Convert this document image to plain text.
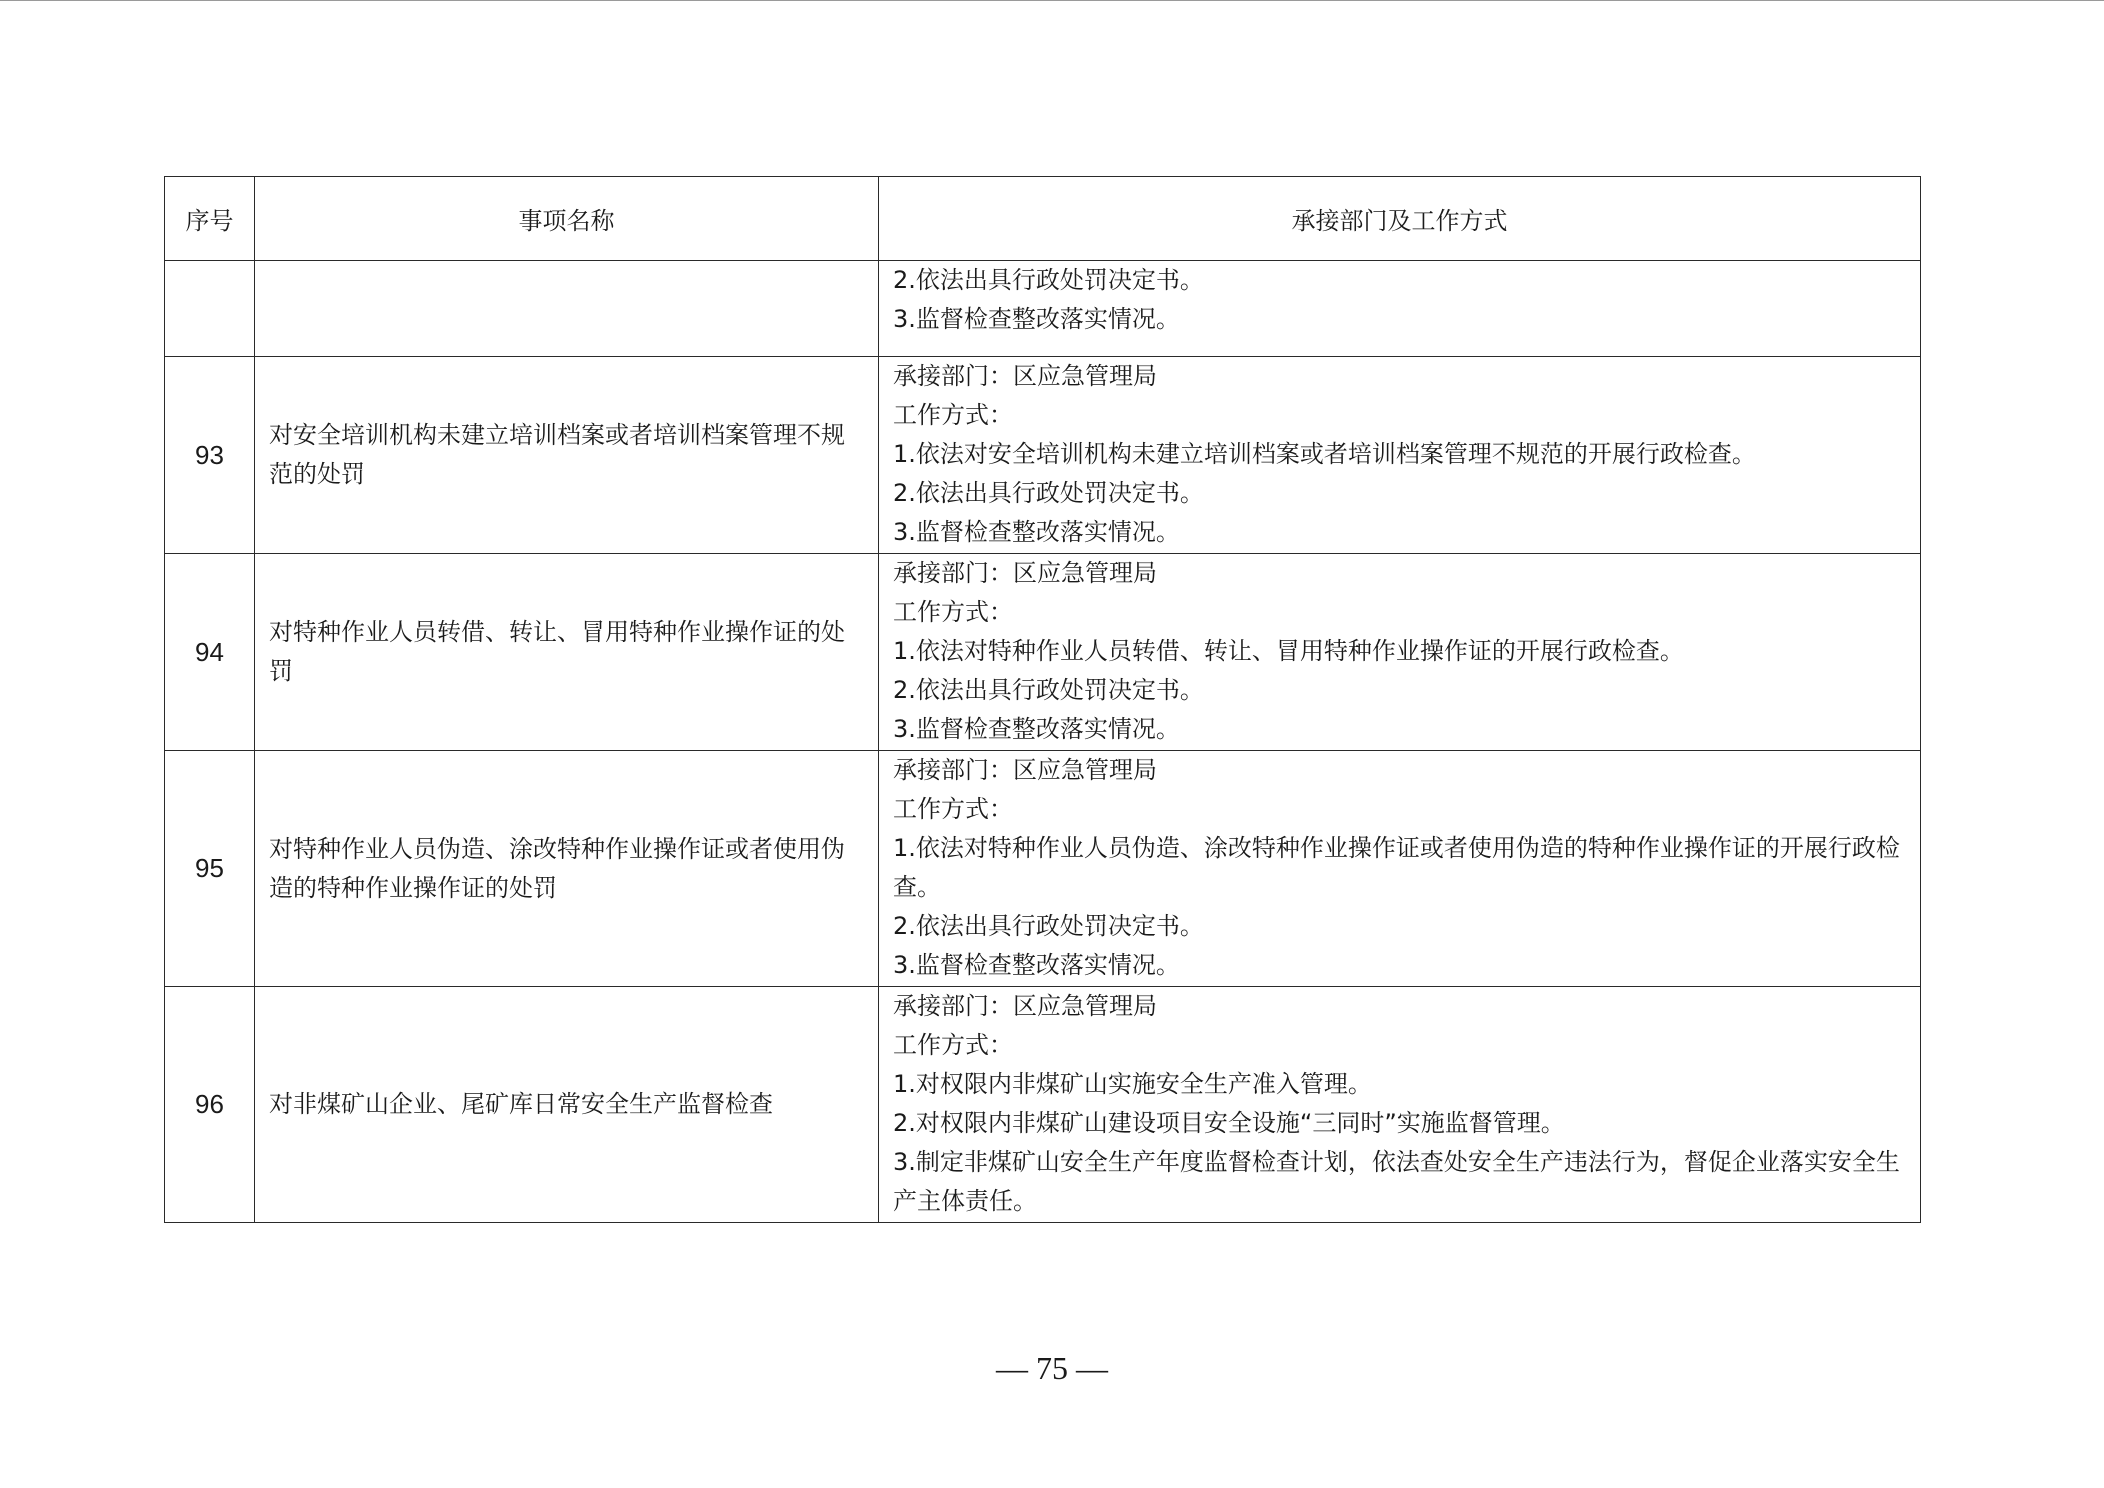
序号	事项名称	承接部门及工作方式

		2.依法出具行政处罚决定书。
3.监督检查整改落实情况。

93	对安全培训机构未建立培训档案或者培训档案管理不规范的处罚	承接部门：区应急管理局
工作方式：
1.依法对安全培训机构未建立培训档案或者培训档案管理不规范的开展行政检查。
2.依法出具行政处罚决定书。
3.监督检查整改落实情况。

94	对特种作业人员转借、转让、冒用特种作业操作证的处罚	承接部门：区应急管理局
工作方式：
1.依法对特种作业人员转借、转让、冒用特种作业操作证的开展行政检查。
2.依法出具行政处罚决定书。
3.监督检查整改落实情况。

95	对特种作业人员伪造、涂改特种作业操作证或者使用伪造的特种作业操作证的处罚	承接部门：区应急管理局
工作方式：
1.依法对特种作业人员伪造、涂改特种作业操作证或者使用伪造的特种作业操作证的开展行政检查。
2.依法出具行政处罚决定书。
3.监督检查整改落实情况。

96	对非煤矿山企业、尾矿库日常安全生产监督检查	承接部门：区应急管理局
工作方式：
1.对权限内非煤矿山实施安全生产准入管理。
2.对权限内非煤矿山建设项目安全设施“三同时”实施监督管理。
3.制定非煤矿山安全生产年度监督检查计划，依法查处安全生产违法行为，督促企业落实安全生产主体责任。
— 75 —
